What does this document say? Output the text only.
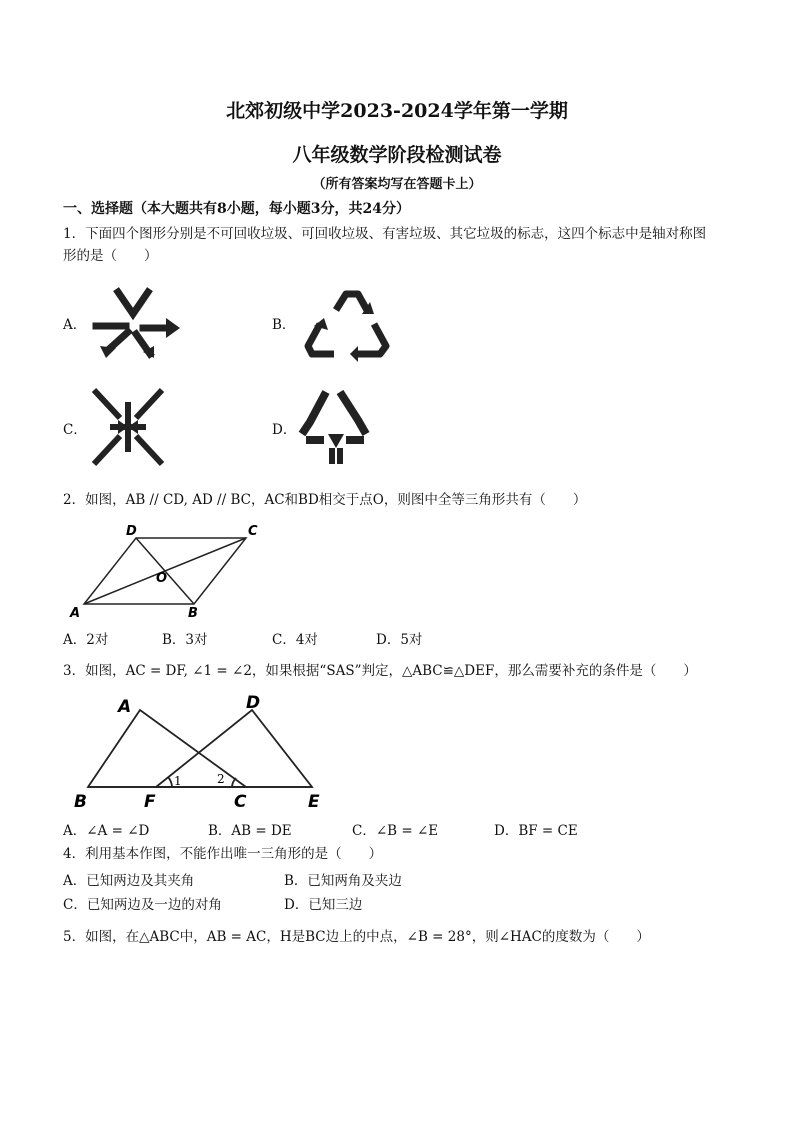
北郊初级中学2023-2024学年第一学期
八年级数学阶段检测试卷
（所有答案均写在答题卡上）
一、选择题（本大题共有8小题，每小题3分，共24分）
1．下面四个图形分别是不可回收垃圾、可回收垃圾、有害垃圾、其它垃圾的标志，这四个标志中是轴对称图
形的是（　　）
A．	B．
C．	D．
2．如图，AB // CD, AD // BC，AC和BD相交于点O，则图中全等三角形共有（　　）
A	B
C
D
O
A．2对	B．3对	C．4对	D．5对
3．如图，AC = DF, ∠1 = ∠2，如果根据“SAS”判定，△ABC≌△DEF，那么需要补充的条件是（　　）
B
A
F	C
D
E
1	2
A．∠A = ∠D	B．AB = DE	C．∠B = ∠E	D．BF = CE
4．利用基本作图，不能作出唯一三角形的是（　　）
A．已知两边及其夹角	B．已知两角及夹边
C．已知两边及一边的对角	D．已知三边
5．如图，在△ABC中，AB = AC，H是BC边上的中点，∠B = 28°，则∠HAC的度数为（　　）
